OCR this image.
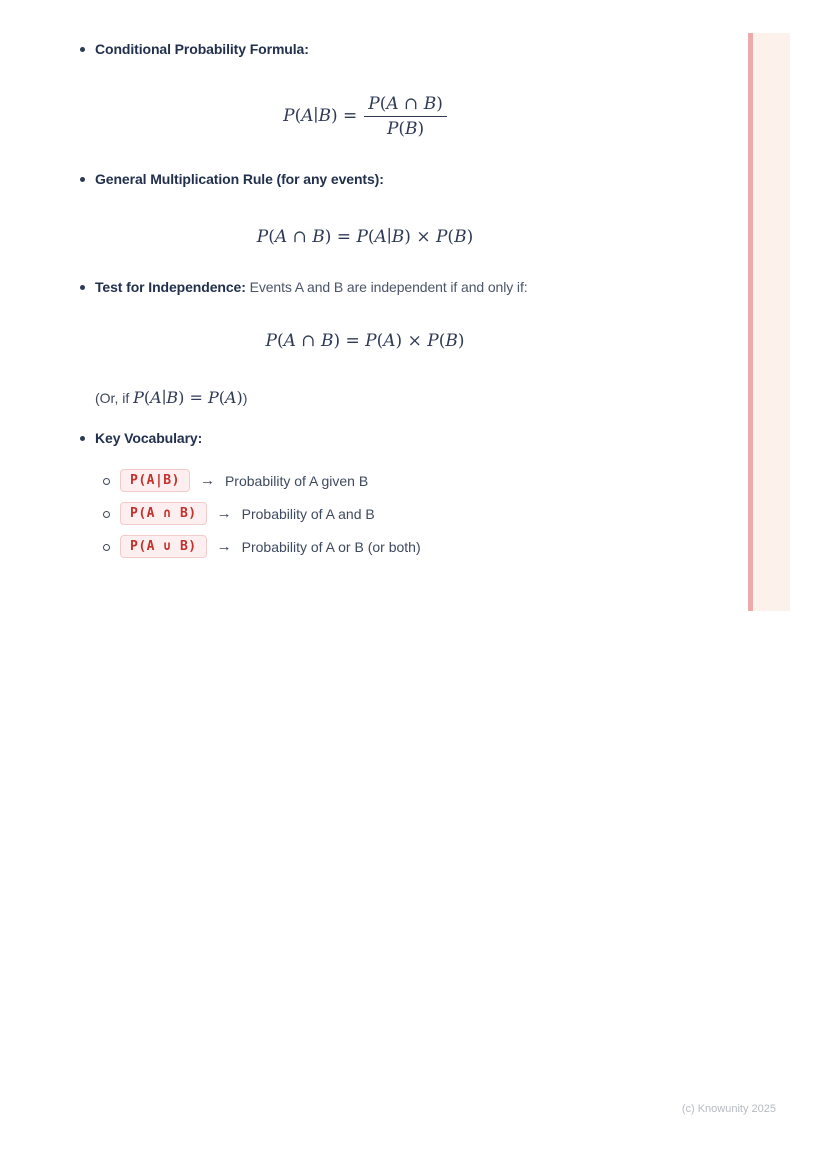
Conditional Probability Formula:
P(A∣B) = $\frac{P(A \cap B)}{P(B)}$
General Multiplication Rule (for any events):
P(A ∩ B) = P(A∣B) × P(B)
Test for Independence: Events A and B are independent if and only if:
P(A ∩ B) = P(A) × P(B)
(Or, if P(A∣B) = P(A))
Key Vocabulary:
P(A|B)	→ Probability of A given B
P(A ∩ B)	→ Probability of A and B
P(A ∪ B)	→ Probability of A or B (or both)
(c) Knowunity 2025
